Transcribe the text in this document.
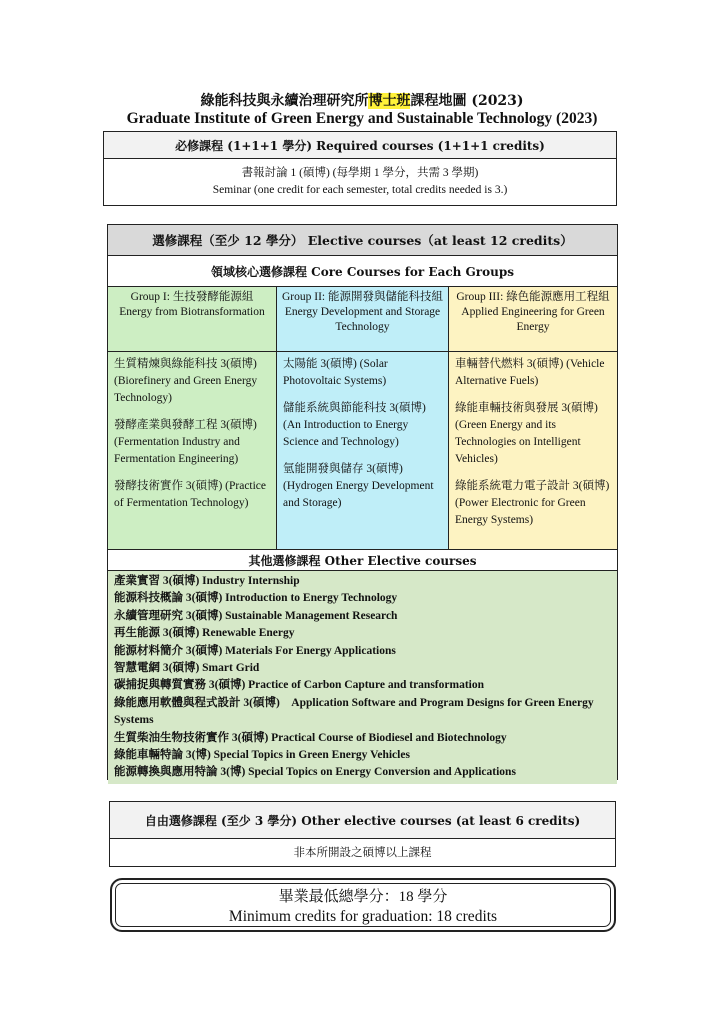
綠能科技與永續治理研究所博士班課程地圖 (2023)
Graduate Institute of Green Energy and Sustainable Technology (2023)
必修課程 (1+1+1 學分) Required courses (1+1+1 credits)
書報討論 1 (碩博) (每學期 1 學分，共需 3 學期)
Seminar (one credit for each semester, total credits needed is 3.)
選修課程（至少 12 學分） Elective courses（at least 12 credits）
領域核心選修課程 Core Courses for Each Groups
Group I: 生技發酵能源組
Energy from Biotransformation
Group II: 能源開發與儲能科技組
Energy Development and Storage Technology
Group III: 綠色能源應用工程組
Applied Engineering for Green Energy

生質精煉與綠能科技 3(碩博) (Biorefinery and Green Energy Technology)

發酵產業與發酵工程 3(碩博) (Fermentation Industry and Fermentation Engineering)

發酵技術實作 3(碩博) (Practice of Fermentation Technology)

太陽能 3(碩博) (Solar Photovoltaic Systems)

儲能系統與節能科技 3(碩博) (An Introduction to Energy Science and Technology)

氫能開發與儲存 3(碩博) (Hydrogen Energy Development and Storage)

車輛替代燃料 3(碩博) (Vehicle Alternative Fuels)

綠能車輛技術與發展 3(碩博) (Green Energy and its Technologies on Intelligent Vehicles)

綠能系統電力電子設計 3(碩博) (Power Electronic for Green Energy Systems)

其他選修課程 Other Elective courses
產業實習 3(碩博) Industry Internship
能源科技概論 3(碩博) Introduction to Energy Technology
永續管理研究 3(碩博) Sustainable Management Research
再生能源 3(碩博) Renewable Energy
能源材料簡介 3(碩博) Materials For Energy Applications
智慧電網 3(碩博) Smart Grid
碳捕捉與轉質實務 3(碩博) Practice of Carbon Capture and transformation
綠能應用軟體與程式設計 3(碩博)　Application Software and Program Designs for Green Energy Systems
生質柴油生物技術實作 3(碩博) Practical Course of Biodiesel and Biotechnology
綠能車輛特論 3(博) Special Topics in Green Energy Vehicles
能源轉換與應用特論 3(博) Special Topics on Energy Conversion and Applications
自由選修課程 (至少 3 學分) Other elective courses (at least 6 credits)
非本所開設之碩博以上課程
畢業最低總學分：18 學分
Minimum credits for graduation: 18 credits
